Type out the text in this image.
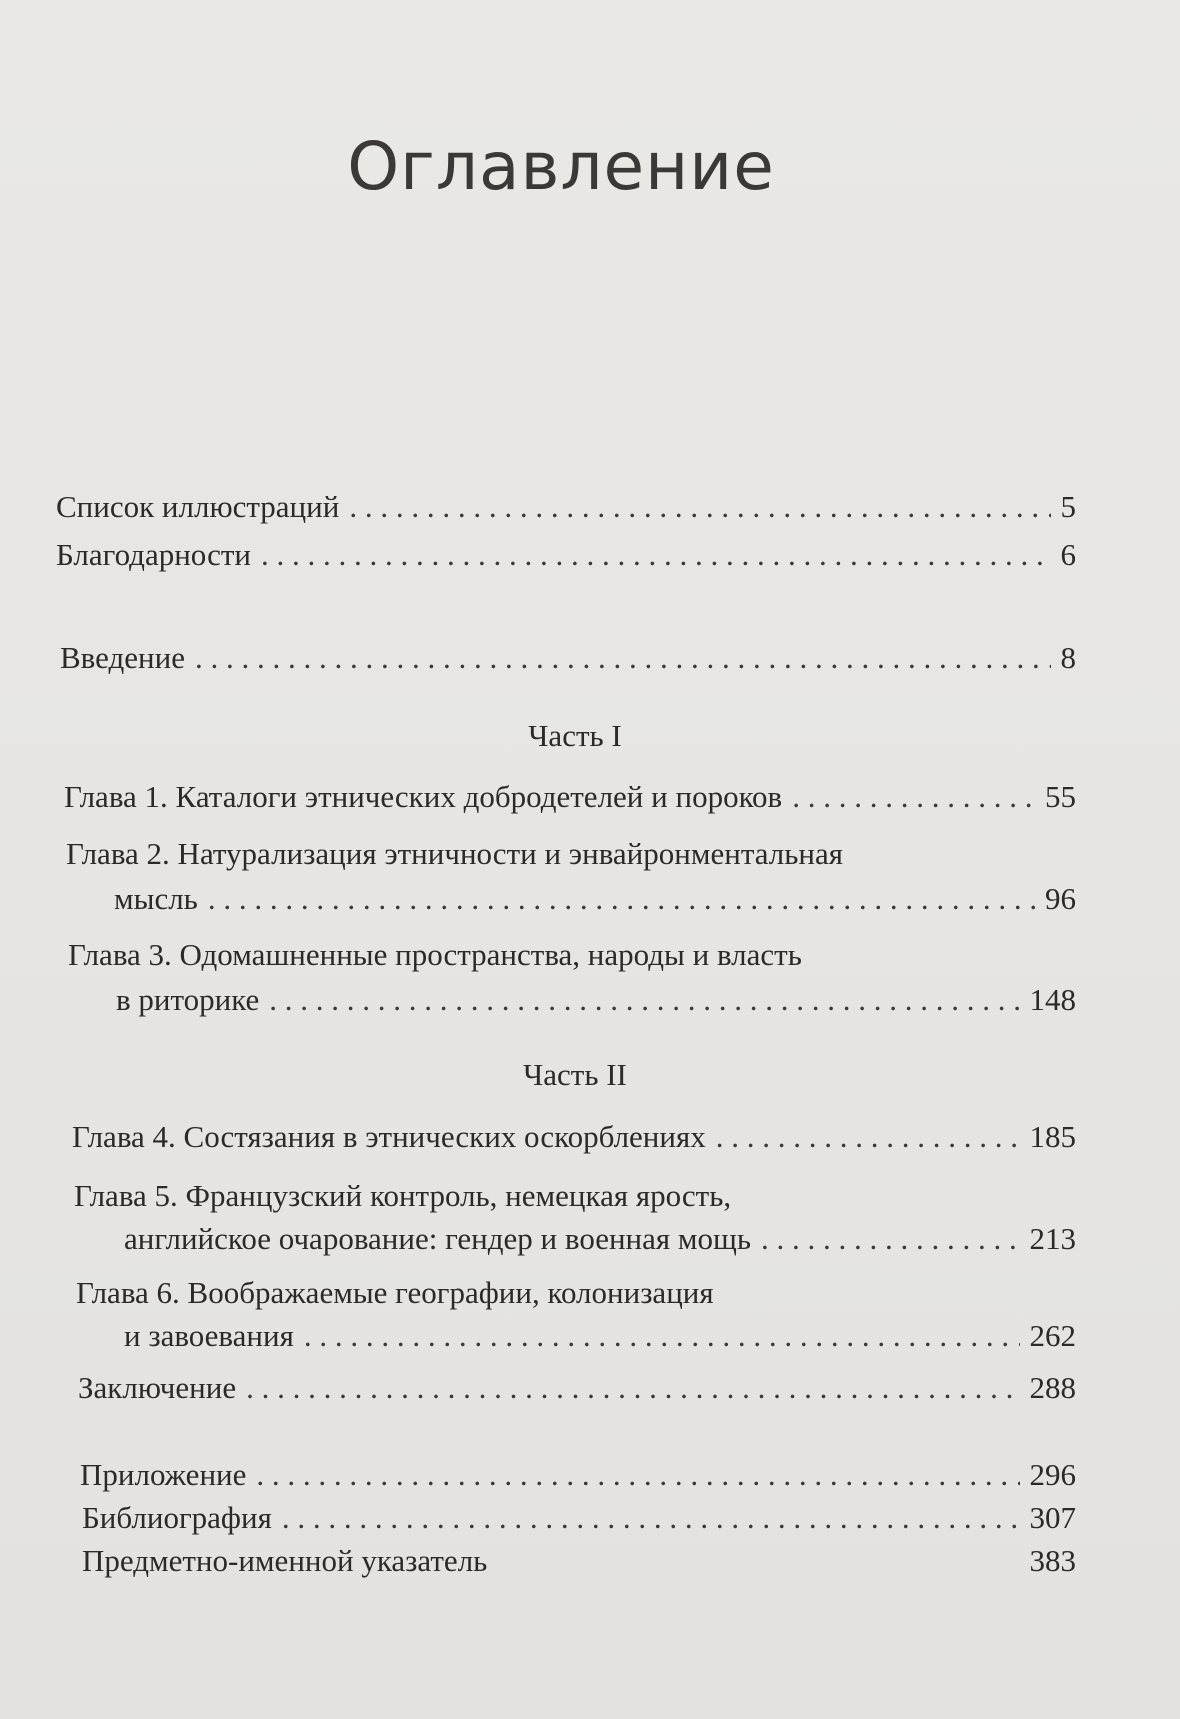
Оглавление
Список иллюстраций . . .	5
Благодарности . . .	6
Введение . . .	8
Часть I
Глава 1. Каталоги этнических добродетелей и пороков . . .	55
Глава 2. Натурализация этничности и энвайронментальная
мысль . . .	96
Глава 3. Одомашненные пространства, народы и власть
в риторике . . .	148
Часть II
Глава 4. Состязания в этнических оскорблениях . . .	185
Глава 5. Французский контроль, немецкая ярость,
английское очарование: гендер и военная мощь . . .	213
Глава 6. Воображаемые географии, колонизация
и завоевания . . .	262
Заключение . . .	288
Приложение . . .	296
Библиография . . .	307
Предметно-именной указатель	383
